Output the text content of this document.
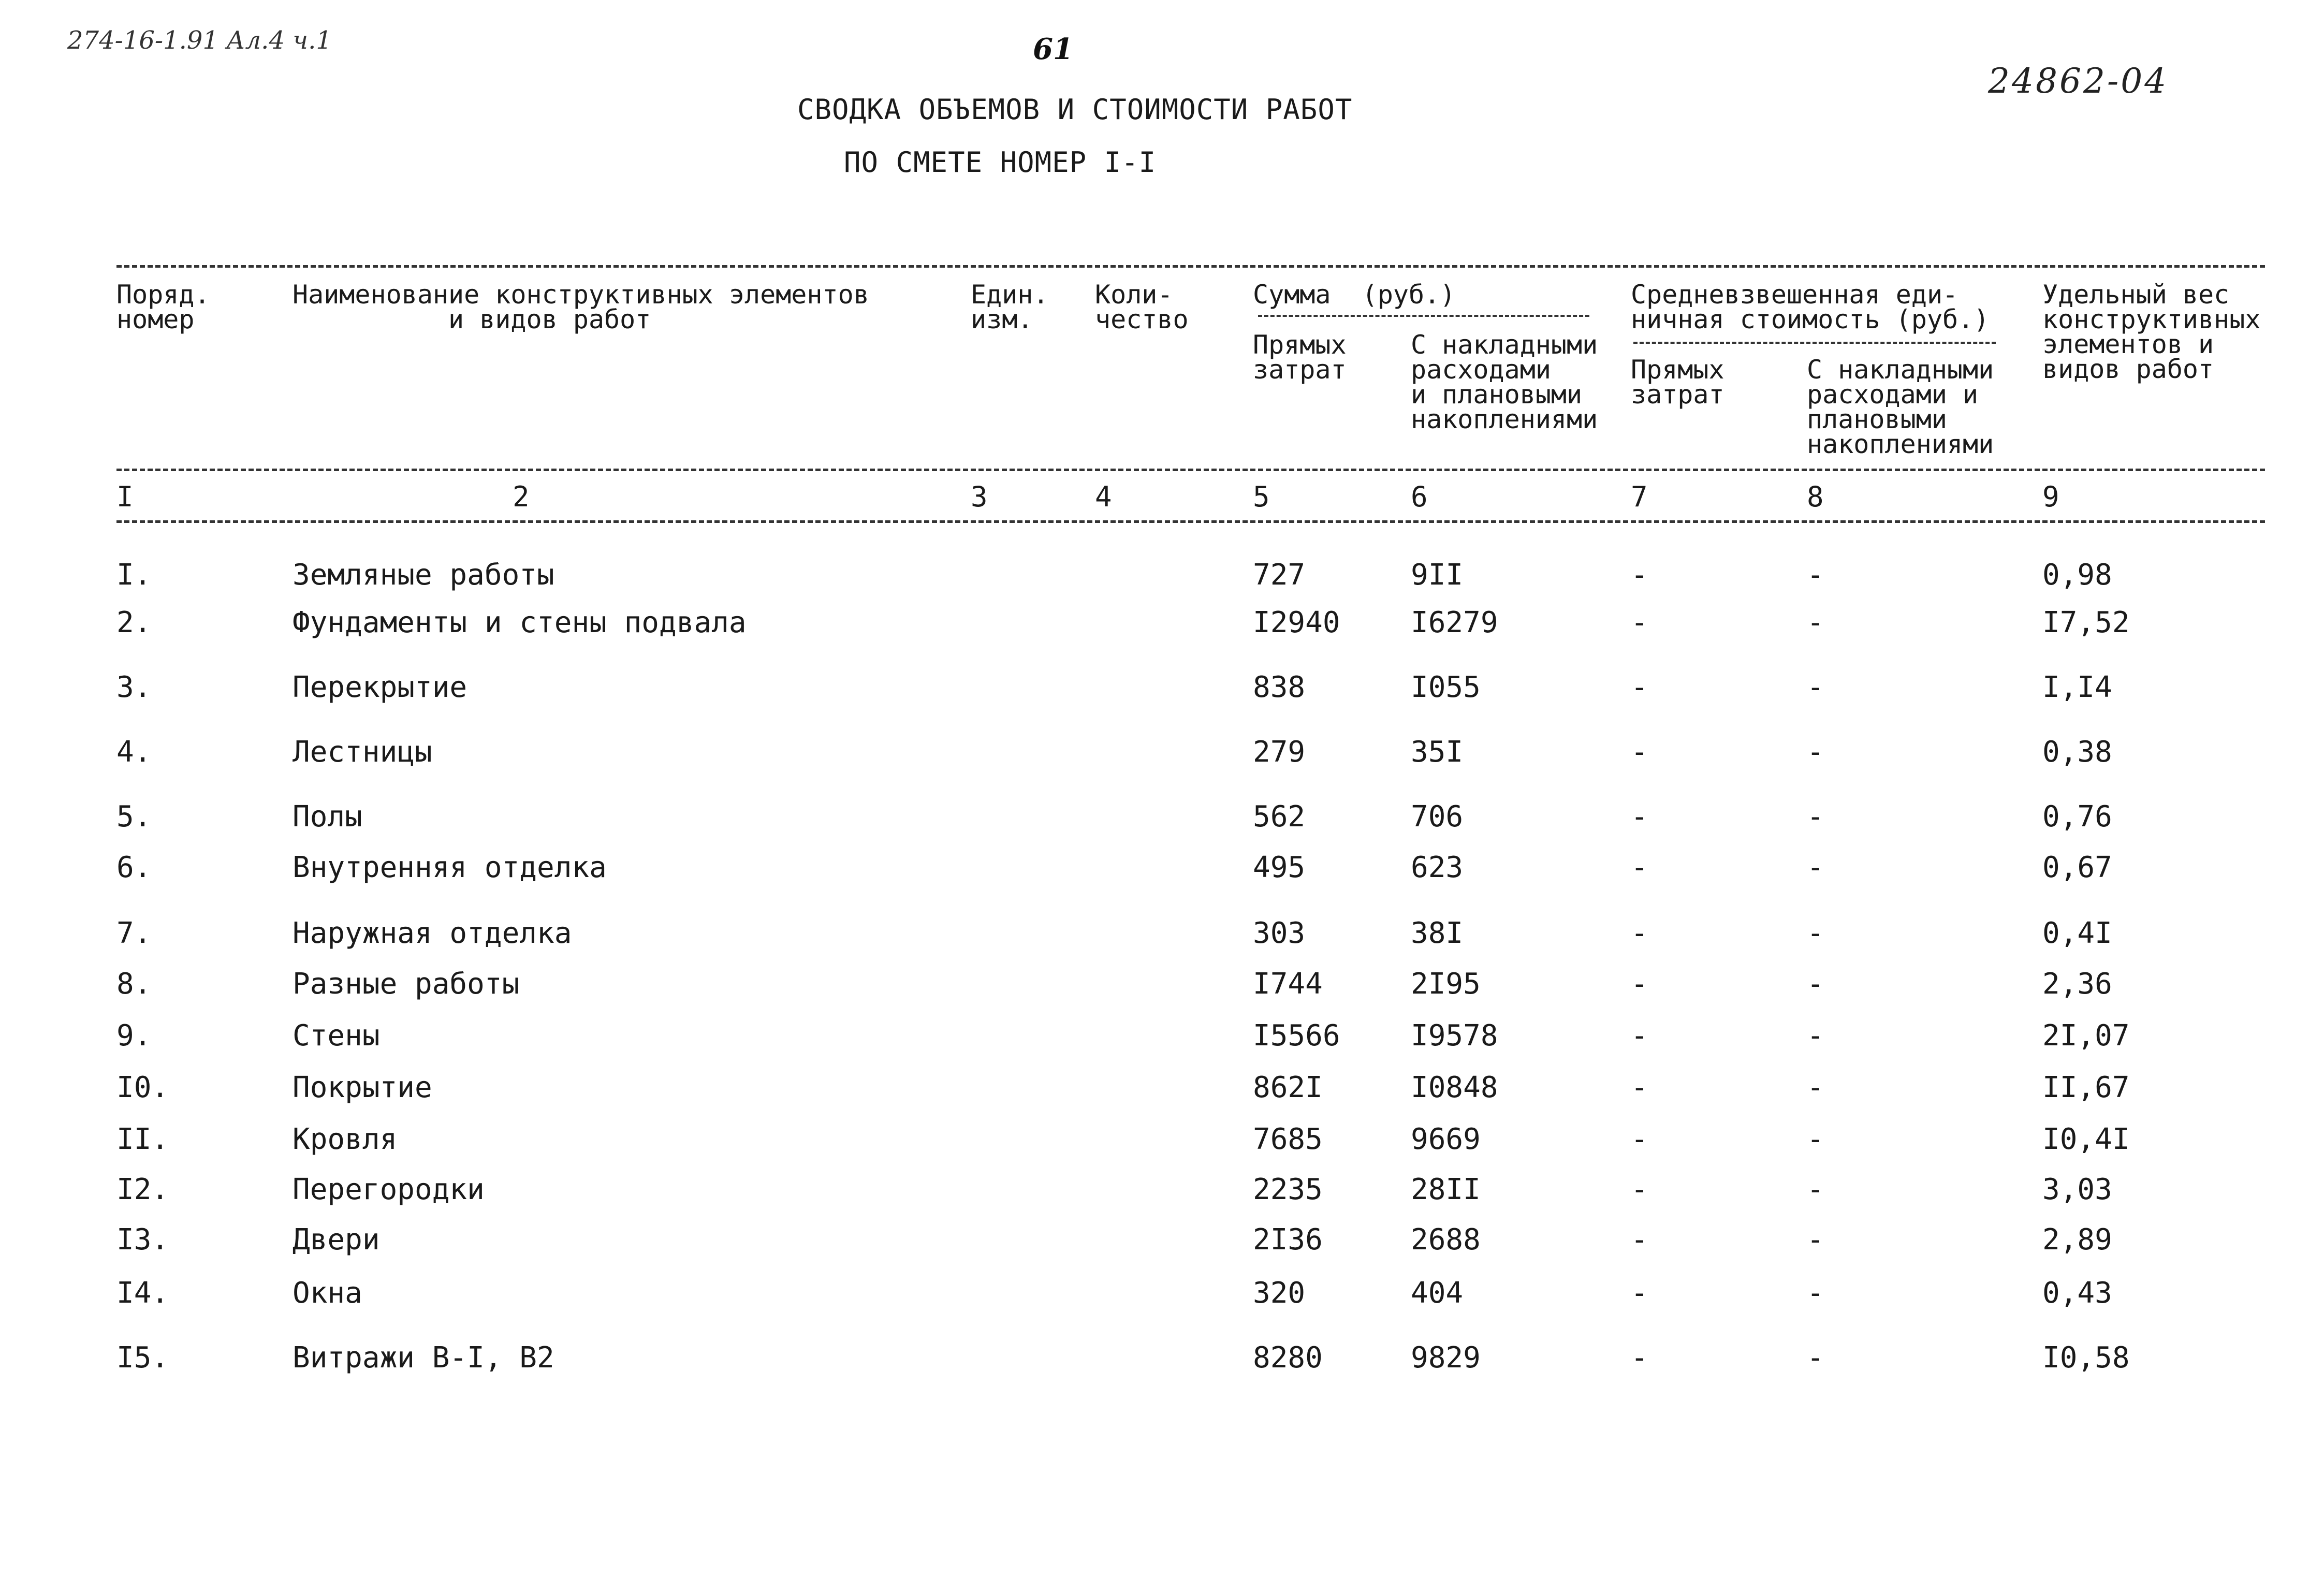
274-16-1.91 Ал.4 ч.1	61
24862-04
СВОДКА ОБЪЕМОВ И СТОИМОСТИ РАБОТ
ПО СМЕТЕ НОМЕР I-I
Поряд.
номер
Наименование конструктивных элементов
и видов работ
Един.
изм.
Коли-
чество
Сумма  (руб.)
Прямых
затрат
С накладными
расходами
и плановыми
накоплениями
Средневзвешенная еди-
ничная стоимость (руб.)
Прямых
затрат
С накладными
расходами и
плановыми
накоплениями
Удельный вес
конструктивных
элементов и
видов работ
I	2	3	4	5	6	7	8	9
I.	Земляные работы	727	9II	-	-	0,98
2.	Фундаменты и стены подвала	I2940 I6279	-	-	I7,52
3.	Перекрытие	838	I055	-	-	I,I4
4.	Лестницы	279	35I	-	-	0,38
5.	Полы	562	706	-	-	0,76
6.	Внутренняя отделка	495	623	-	-	0,67
7.	Наружная отделка	303	38I	-	-	0,4I
8.	Разные работы	I744	2I95	-	-	2,36
9.	Стены	I5566 I9578	-	-	2I,07
I0.	Покрытие	862I	I0848	-	-	II,67
II.	Кровля	7685	9669	-	-	I0,4I
I2.	Перегородки	2235	28II	-	-	3,03
I3.	Двери	2I36	2688	-	-	2,89
I4.	Окна	320	404	-	-	0,43
I5.	Витражи В-I, В2	8280	9829	-	-	I0,58
